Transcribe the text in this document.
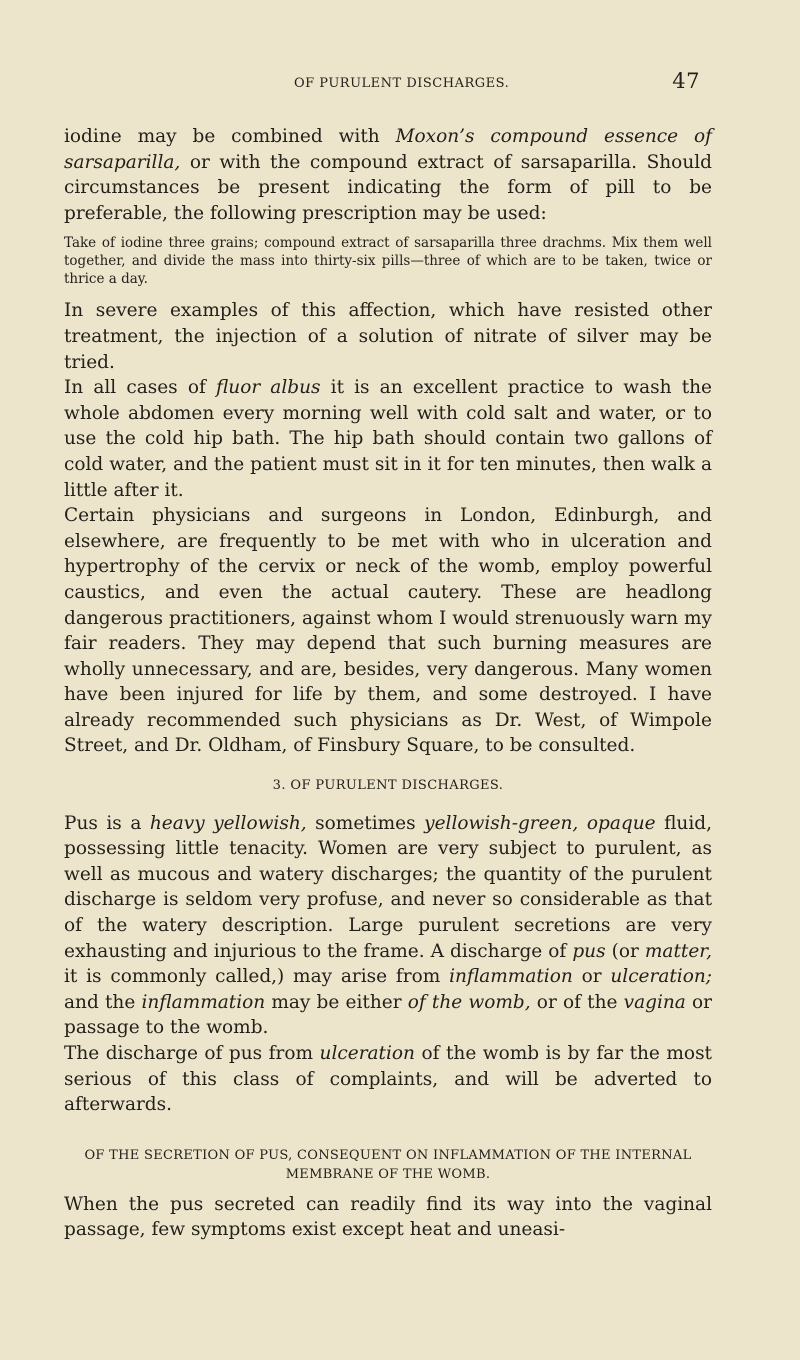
OF PURULENT DISCHARGES.	47

iodine may be combined with Moxon’s compound essence of sarsaparilla, or with the compound extract of sarsaparilla. Should circumstances be present indicating the form of pill to be preferable, the following prescription may be used:

Take of iodine three grains; compound extract of sarsaparilla three drachms. Mix them well together, and divide the mass into thirty-six pills—three of which are to be taken, twice or thrice a day.

In severe examples of this affection, which have resisted other treatment, the injection of a solution of nitrate of silver may be tried.

In all cases of fluor albus it is an excellent practice to wash the whole abdomen every morning well with cold salt and water, or to use the cold hip bath. The hip bath should contain two gallons of cold water, and the patient must sit in it for ten minutes, then walk a little after it.

Certain physicians and surgeons in London, Edinburgh, and elsewhere, are frequently to be met with who in ulceration and hypertrophy of the cervix or neck of the womb, employ powerful caustics, and even the actual cautery. These are headlong dangerous practitioners, against whom I would strenuously warn my fair readers. They may depend that such burning measures are wholly unnecessary, and are, besides, very dangerous. Many women have been injured for life by them, and some destroyed. I have already recommended such physicians as Dr. West, of Wimpole Street, and Dr. Oldham, of Finsbury Square, to be consulted.

3. OF PURULENT DISCHARGES.

Pus is a heavy yellowish, sometimes yellowish-green, opaque fluid, possessing little tenacity. Women are very subject to purulent, as well as mucous and watery discharges; the quantity of the purulent discharge is seldom very profuse, and never so considerable as that of the watery description. Large purulent secretions are very exhausting and injurious to the frame. A discharge of pus (or matter, it is commonly called,) may arise from inflammation or ulceration; and the inflammation may be either of the womb, or of the vagina or passage to the womb.

The discharge of pus from ulceration of the womb is by far the most serious of this class of complaints, and will be adverted to afterwards.

OF THE SECRETION OF PUS, CONSEQUENT ON INFLAMMATION OF THE INTERNAL MEMBRANE OF THE WOMB.

When the pus secreted can readily find its way into the vaginal passage, few symptoms exist except heat and uneasi-
